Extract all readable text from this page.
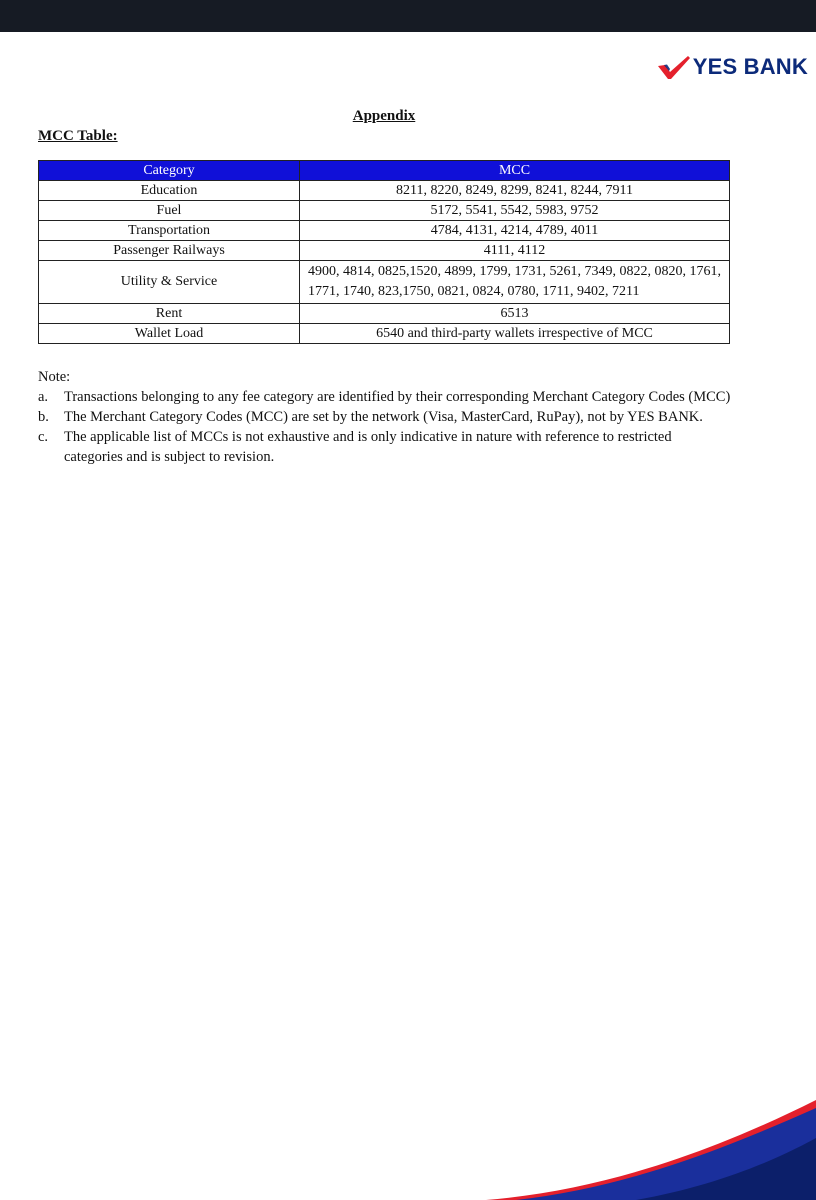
YES BANK
Appendix
MCC Table:
Category	MCC
Education	8211, 8220, 8249, 8299, 8241, 8244, 7911
Fuel	5172, 5541, 5542, 5983, 9752
Transportation	4784, 4131, 4214, 4789, 4011
Passenger Railways	4111, 4112
Utility & Service	4900, 4814, 0825,1520, 4899, 1799, 1731, 5261, 7349, 0822, 0820, 1761, 1771, 1740, 823,1750, 0821, 0824, 0780, 1711, 9402, 7211
Rent	6513
Wallet Load	6540 and third-party wallets irrespective of MCC
Note:
a. Transactions belonging to any fee category are identified by their corresponding Merchant Category Codes (MCC)
b. The Merchant Category Codes (MCC) are set by the network (Visa, MasterCard, RuPay), not by YES BANK.
c. The applicable list of MCCs is not exhaustive and is only indicative in nature with reference to restricted categories and is subject to revision.
